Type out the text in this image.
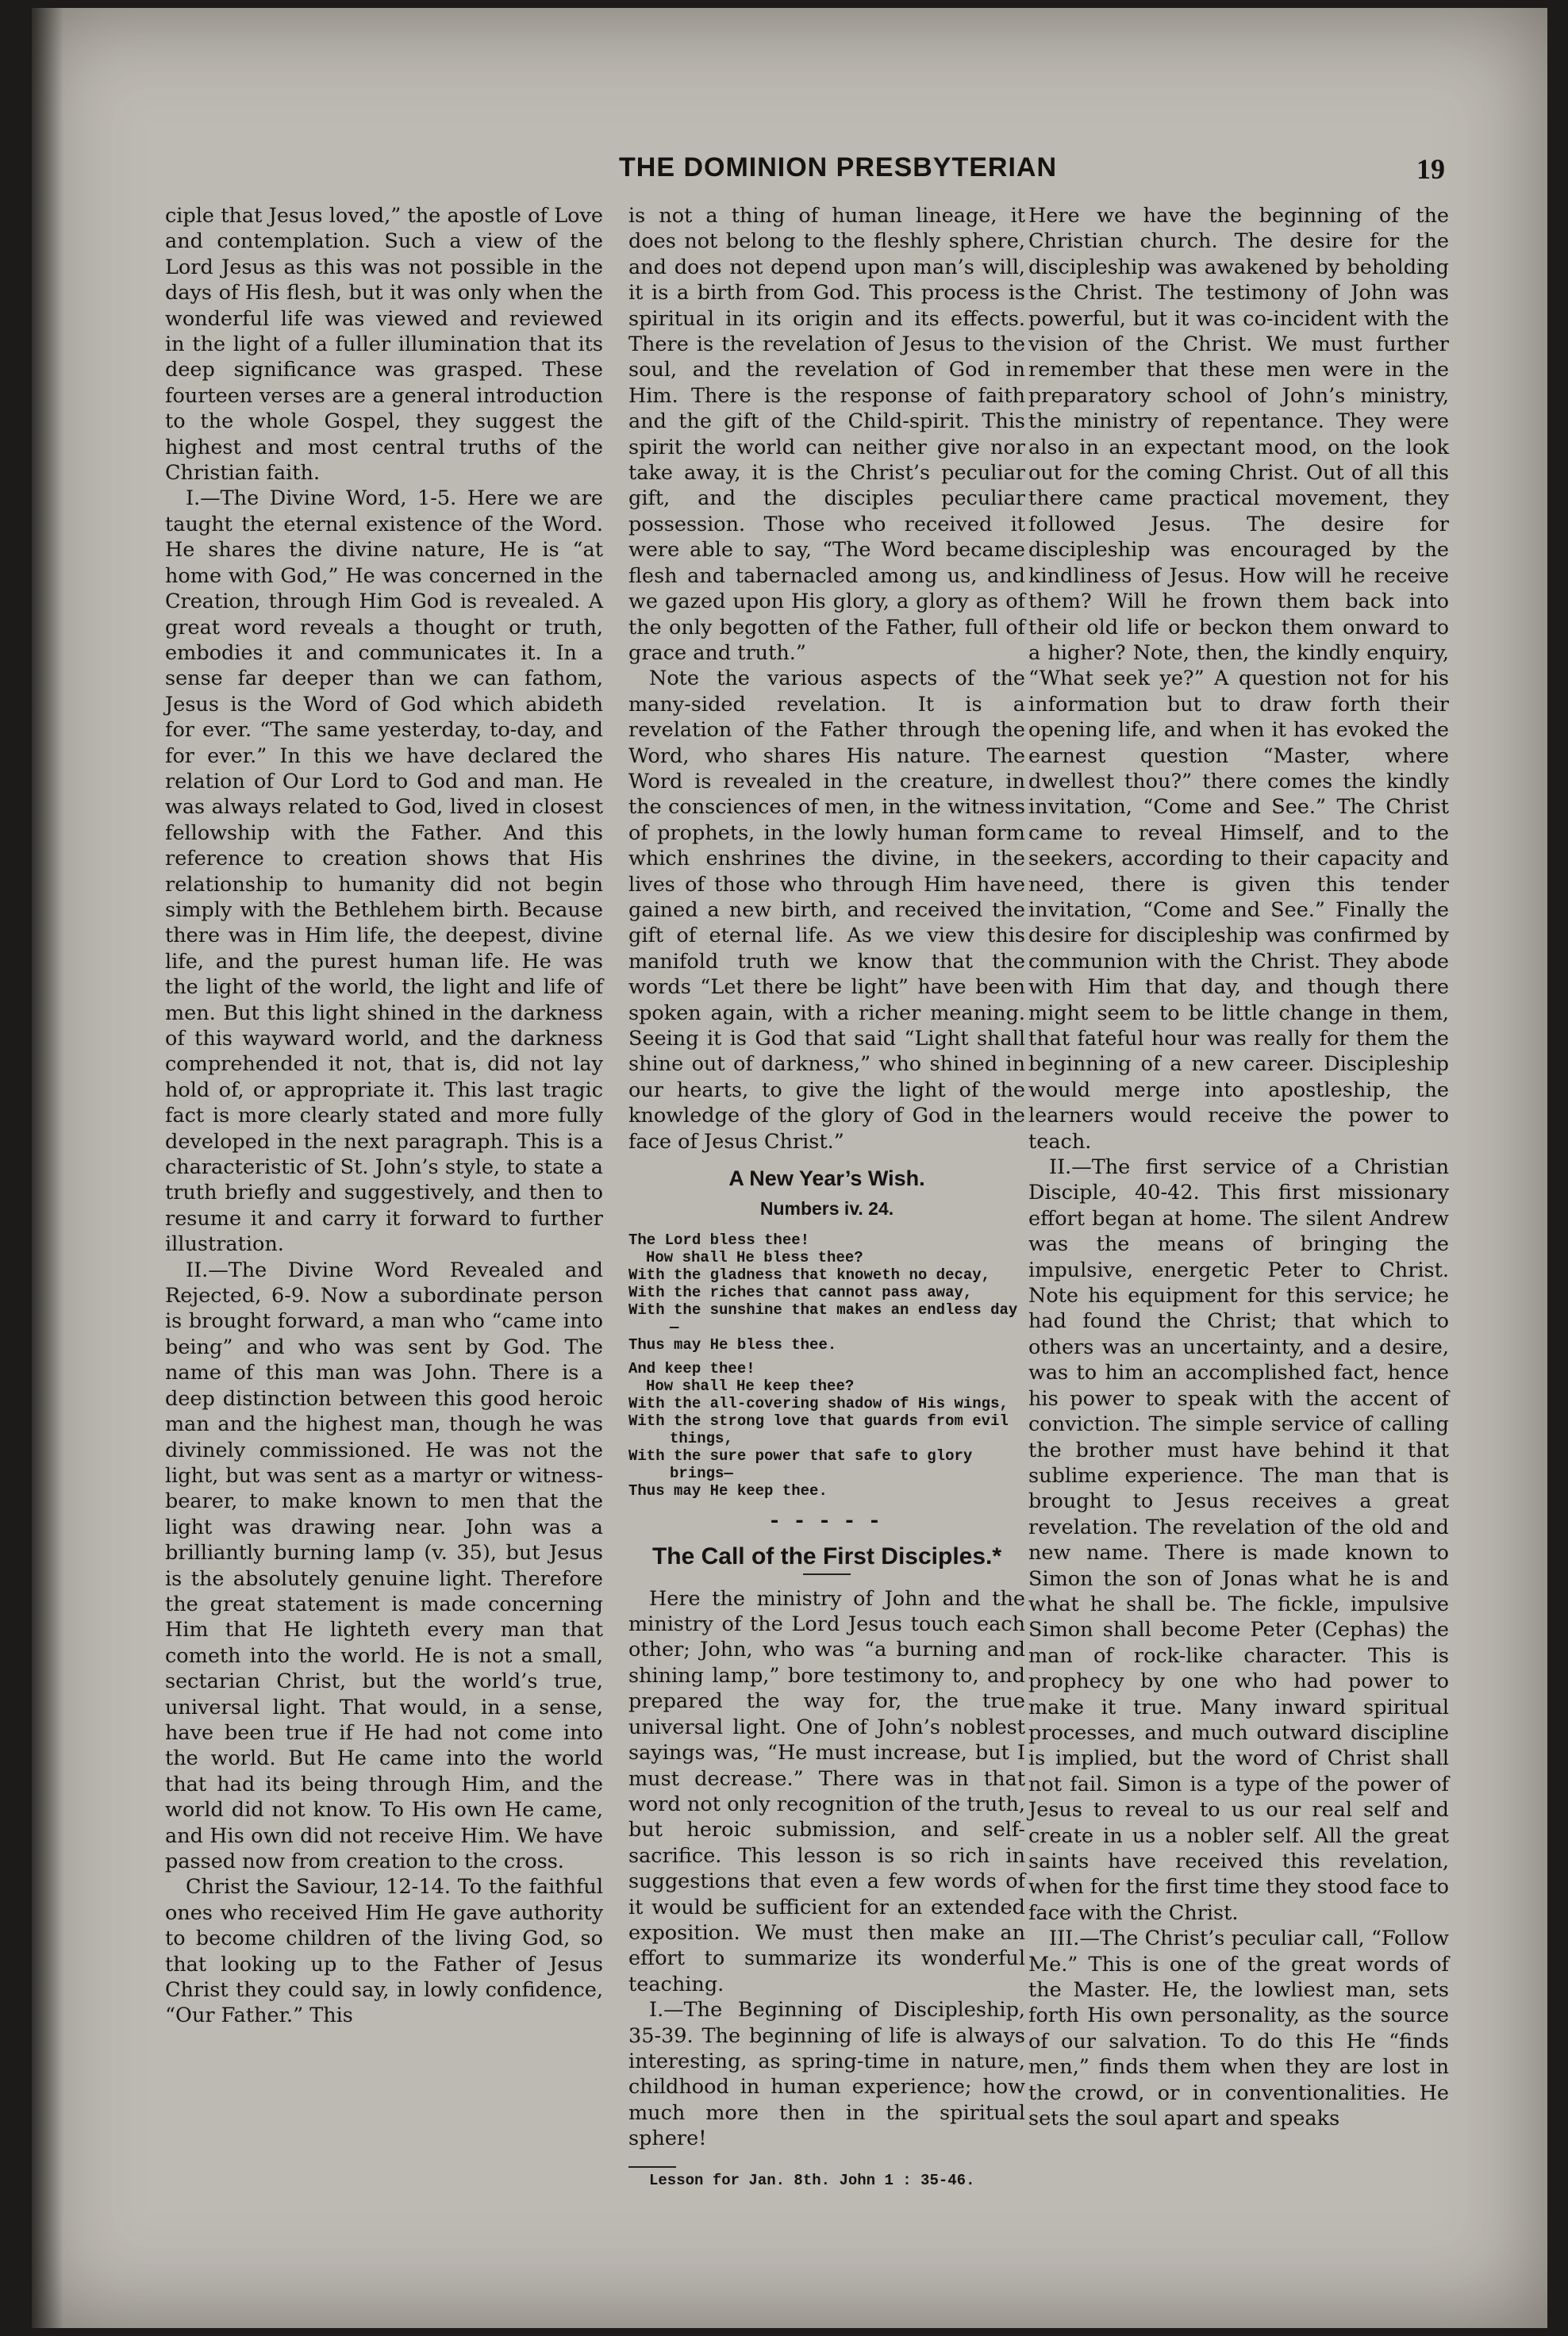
THE DOMINION PRESBYTERIAN	19

ciple that Jesus loved,” the apostle of Love and contemplation. Such a view of the Lord Jesus as this was not possible in the days of His flesh, but it was only when the wonderful life was viewed and reviewed in the light of a fuller illumination that its deep significance was grasped. These fourteen verses are a general introduction to the whole Gospel, they suggest the highest and most central truths of the Christian faith.

I.—The Divine Word, 1-5. Here we are taught the eternal existence of the Word. He shares the divine nature, He is “at home with God,” He was concerned in the Creation, through Him God is revealed. A great word reveals a thought or truth, embodies it and communicates it. In a sense far deeper than we can fathom, Jesus is the Word of God which abideth for ever. “The same yesterday, to-day, and for ever.” In this we have declared the relation of Our Lord to God and man. He was always related to God, lived in closest fellowship with the Father. And this reference to creation shows that His relationship to humanity did not begin simply with the Bethlehem birth. Because there was in Him life, the deepest, divine life, and the purest human life. He was the light of the world, the light and life of men. But this light shined in the darkness of this wayward world, and the darkness comprehended it not, that is, did not lay hold of, or appropriate it. This last tragic fact is more clearly stated and more fully developed in the next paragraph. This is a characteristic of St. John’s style, to state a truth briefly and suggestively, and then to resume it and carry it forward to further illustration.

II.—The Divine Word Revealed and Rejected, 6-9. Now a subordinate person is brought forward, a man who “came into being” and who was sent by God. The name of this man was John. There is a deep distinction between this good heroic man and the highest man, though he was divinely commissioned. He was not the light, but was sent as a martyr or witness-bearer, to make known to men that the light was drawing near. John was a brilliantly burning lamp (v. 35), but Jesus is the absolutely genuine light. Therefore the great statement is made concerning Him that He lighteth every man that cometh into the world. He is not a small, sectarian Christ, but the world’s true, universal light. That would, in a sense, have been true if He had not come into the world. But He came into the world that had its being through Him, and the world did not know. To His own He came, and His own did not receive Him. We have passed now from creation to the cross.

Christ the Saviour, 12-14. To the faithful ones who received Him He gave authority to become children of the living God, so that looking up to the Father of Jesus Christ they could say, in lowly confidence, “Our Father.” This

is not a thing of human lineage, it does not belong to the fleshly sphere, and does not depend upon man’s will, it is a birth from God. This process is spiritual in its origin and its effects. There is the revelation of Jesus to the soul, and the revelation of God in Him. There is the response of faith and the gift of the Child-spirit. This spirit the world can neither give nor take away, it is the Christ’s peculiar gift, and the disciples peculiar possession. Those who received it were able to say, “The Word became flesh and tabernacled among us, and we gazed upon His glory, a glory as of the only begotten of the Father, full of grace and truth.”

Note the various aspects of the many-sided revelation. It is a revelation of the Father through the Word, who shares His nature. The Word is revealed in the creature, in the consciences of men, in the witness of prophets, in the lowly human form which enshrines the divine, in the lives of those who through Him have gained a new birth, and received the gift of eternal life. As we view this manifold truth we know that the words “Let there be light” have been spoken again, with a richer meaning. Seeing it is God that said “Light shall shine out of darkness,” who shined in our hearts, to give the light of the knowledge of the glory of God in the face of Jesus Christ.”

A New Year’s Wish.
Numbers iv. 24.
The Lord bless thee!
How shall He bless thee?
With the gladness that knoweth no decay,
With the riches that cannot pass away,
With the sunshine that makes an endless day—
Thus may He bless thee.
And keep thee!
How shall He keep thee?
With the all-covering shadow of His wings,
With the strong love that guards from evil things,
With the sure power that safe to glory brings—
Thus may He keep thee.
- - - - -
The Call of the First Disciples.*

Here the ministry of John and the ministry of the Lord Jesus touch each other; John, who was “a burning and shining lamp,” bore testimony to, and prepared the way for, the true universal light. One of John’s noblest sayings was, “He must increase, but I must decrease.” There was in that word not only recognition of the truth, but heroic submission, and self-sacrifice. This lesson is so rich in suggestions that even a few words of it would be sufficient for an extended exposition. We must then make an effort to summarize its wonderful teaching.

I.—The Beginning of Discipleship, 35-39. The beginning of life is always interesting, as spring-time in nature, childhood in human experience; how much more then in the spiritual sphere!

Lesson for Jan. 8th. John 1 : 35-46.

Here we have the beginning of the Christian church. The desire for the discipleship was awakened by beholding the Christ. The testimony of John was powerful, but it was co-incident with the vision of the Christ. We must further remember that these men were in the preparatory school of John’s ministry, the ministry of repentance. They were also in an expectant mood, on the look out for the coming Christ. Out of all this there came practical movement, they followed Jesus. The desire for discipleship was encouraged by the kindliness of Jesus. How will he receive them? Will he frown them back into their old life or beckon them onward to a higher? Note, then, the kindly enquiry, “What seek ye?” A question not for his information but to draw forth their opening life, and when it has evoked the earnest question “Master, where dwellest thou?” there comes the kindly invitation, “Come and See.” The Christ came to reveal Himself, and to the seekers, according to their capacity and need, there is given this tender invitation, “Come and See.” Finally the desire for discipleship was confirmed by communion with the Christ. They abode with Him that day, and though there might seem to be little change in them, that fateful hour was really for them the beginning of a new career. Discipleship would merge into apostleship, the learners would receive the power to teach.

II.—The first service of a Christian Disciple, 40-42. This first missionary effort began at home. The silent Andrew was the means of bringing the impulsive, energetic Peter to Christ. Note his equipment for this service; he had found the Christ; that which to others was an uncertainty, and a desire, was to him an accomplished fact, hence his power to speak with the accent of conviction. The simple service of calling the brother must have behind it that sublime experience. The man that is brought to Jesus receives a great revelation. The revelation of the old and new name. There is made known to Simon the son of Jonas what he is and what he shall be. The fickle, impulsive Simon shall become Peter (Cephas) the man of rock-like character. This is prophecy by one who had power to make it true. Many inward spiritual processes, and much outward discipline is implied, but the word of Christ shall not fail. Simon is a type of the power of Jesus to reveal to us our real self and create in us a nobler self. All the great saints have received this revelation, when for the first time they stood face to face with the Christ.

III.—The Christ’s peculiar call, “Follow Me.” This is one of the great words of the Master. He, the lowliest man, sets forth His own personality, as the source of our salvation. To do this He “finds men,” finds them when they are lost in the crowd, or in conventionalities. He sets the soul apart and speaks
